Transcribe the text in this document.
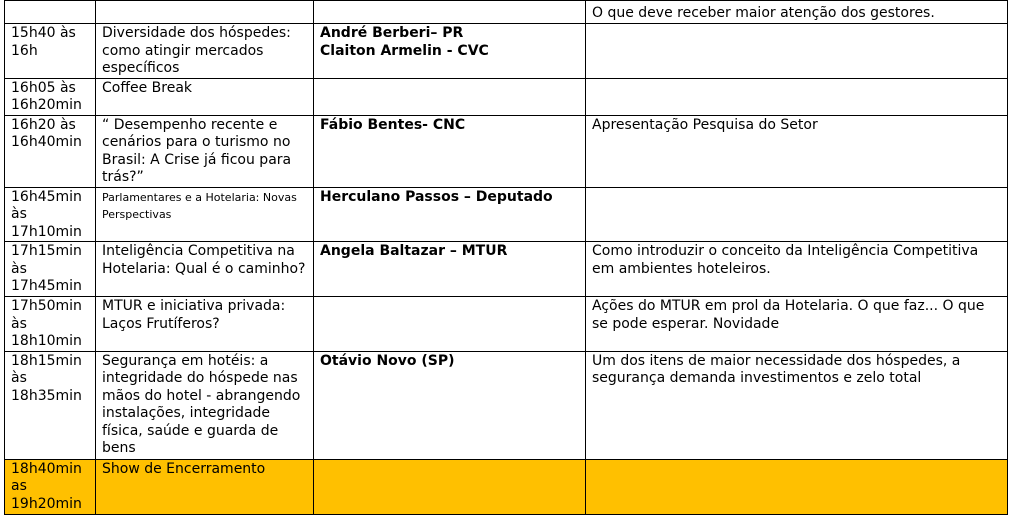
			O que deve receber maior atenção dos gestores.
15h40 às 16h	Diversidade dos hóspedes: como atingir mercados específicos	André Berberi– PR
Claiton Armelin - CVC	
16h05 às 16h20min	Coffee Break		
16h20 às 16h40min	“ Desempenho recente e cenários para o turismo no Brasil: A Crise já ficou para trás?”	Fábio Bentes- CNC	Apresentação Pesquisa do Setor
16h45min às 17h10min	Parlamentares e a Hotelaria: Novas Perspectivas	Herculano Passos – Deputado	
17h15min às 17h45min	Inteligência Competitiva na Hotelaria: Qual é o caminho?	Angela Baltazar – MTUR	Como introduzir o conceito da Inteligência Competitiva em ambientes hoteleiros.
17h50min às 18h10min	MTUR e iniciativa privada: Laços Frutíferos?		Ações do MTUR em prol da Hotelaria. O que faz... O que se pode esperar. Novidade
18h15min às 18h35min	Segurança em hotéis: a integridade do hóspede nas mãos do hotel - abrangendo instalações, integridade física, saúde e guarda de bens	Otávio Novo (SP)	Um dos itens de maior necessidade dos hóspedes, a segurança demanda investimentos e zelo total
18h40min as 19h20min	Show de Encerramento		
